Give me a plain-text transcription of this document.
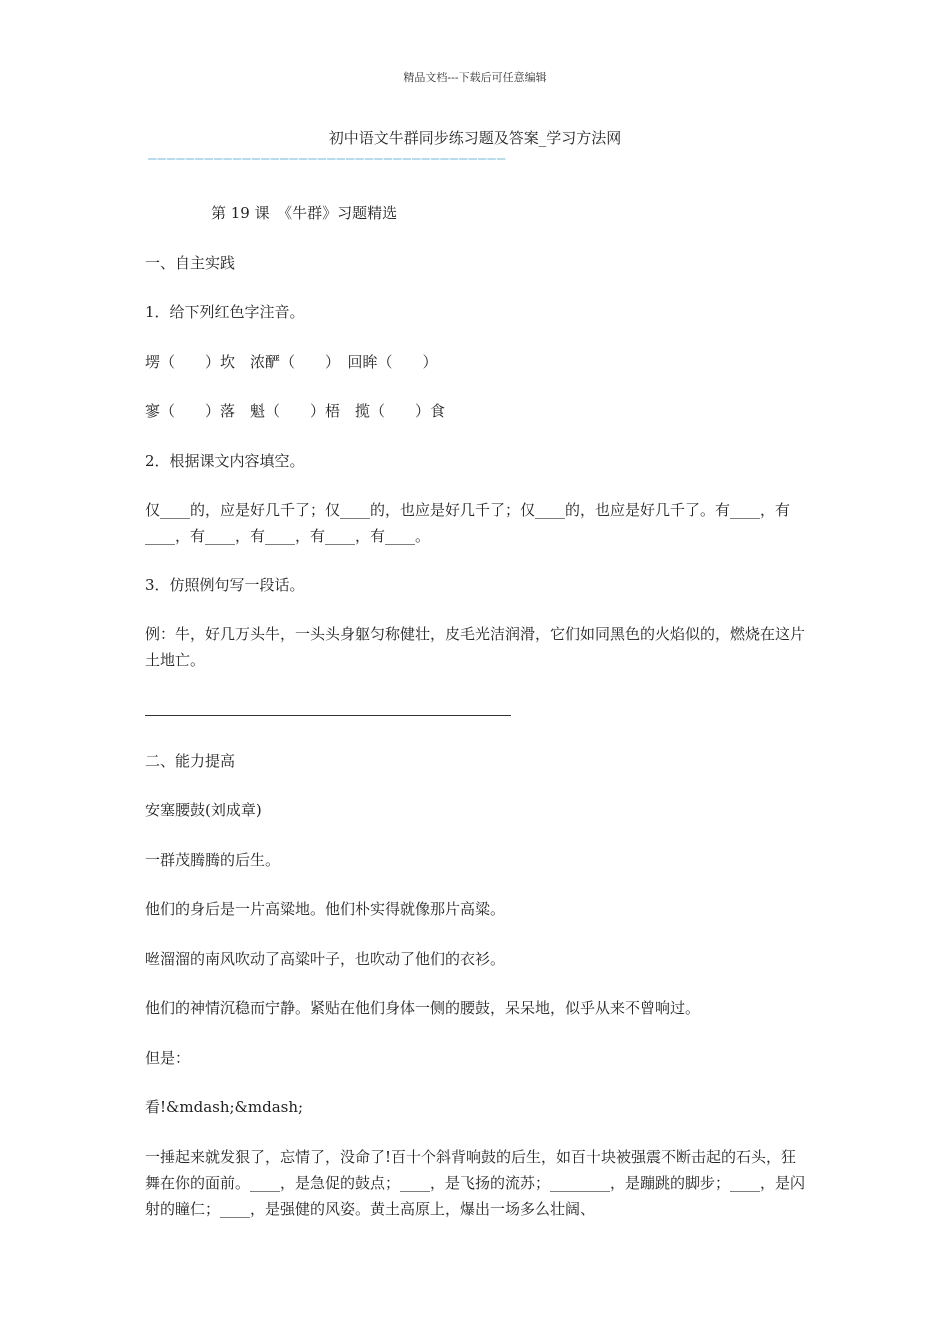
精品文档---下载后可任意编辑
初中语文牛群同步练习题及答案_学习方法网
——————————————————————————————————————
第 19 课　《牛群》习题精选
一、自主实践
1．给下列红色字注音。
塄（　　）坎　浓酽（　　）　回眸（　　）
寥（　　）落　魁（　　）梧　揽（　　）食
2．根据课文内容填空。
仅____的，应是好几千了；仅____的，也应是好几千了；仅____的，也应是好几千了。有____，有____，有____，有____，有____，有____。
3．仿照例句写一段话。
例：牛，好几万头牛，一头头身躯匀称健壮，皮毛光洁润滑，它们如同黑色的火焰似的，燃烧在这片土地亡。
二、能力提高
安塞腰鼓(刘成章)
一群茂腾腾的后生。
他们的身后是一片高粱地。他们朴实得就像那片高粱。
咝溜溜的南风吹动了高粱叶子，也吹动了他们的衣衫。
他们的神情沉稳而宁静。紧贴在他们身体一侧的腰鼓，呆呆地，似乎从来不曾响过。
但是：
看!&mdash;&mdash;
一捶起来就发狠了，忘情了，没命了!百十个斜背响鼓的后生，如百十块被强震不断击起的石头，狂舞在你的面前。____，是急促的鼓点；____，是飞扬的流苏；________，是蹦跳的脚步；____，是闪射的瞳仁；____，是强健的风姿。黄土高原上，爆出一场多么壮阔、
